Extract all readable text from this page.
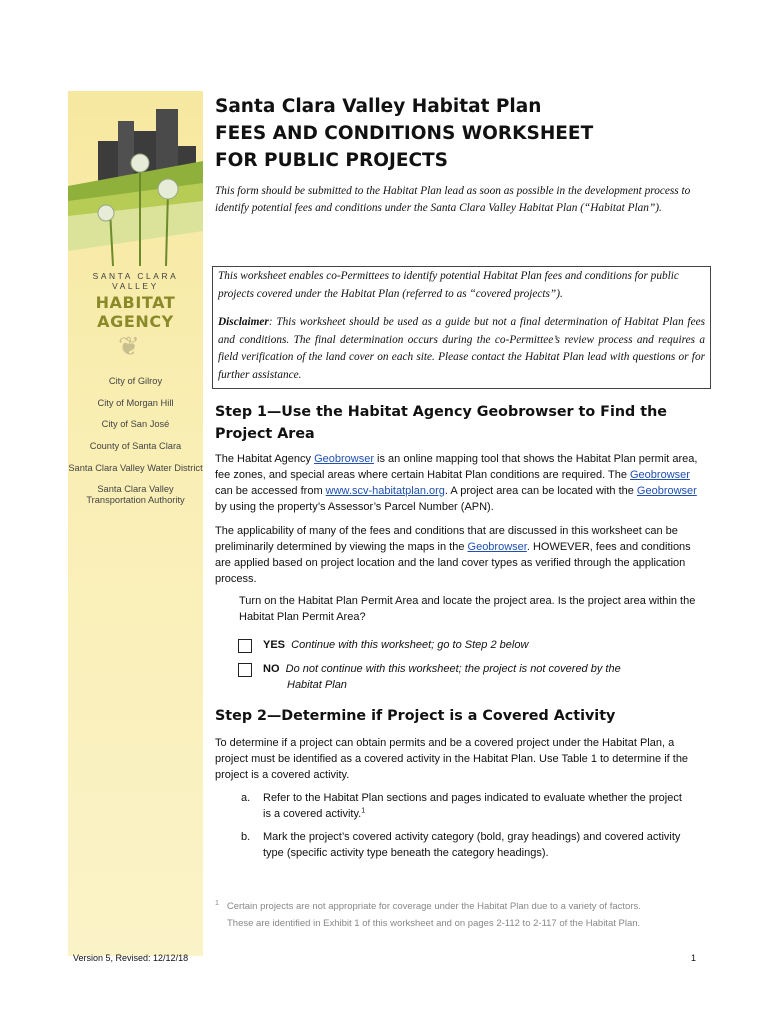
SANTA CLARA VALLEY
HABITAT AGENCY
❦
City of Gilroy
City of Morgan Hill
City of San José
County of Santa Clara
Santa Clara Valley Water District
Santa Clara Valley Transportation Authority
Santa Clara Valley Habitat Plan
FEES AND CONDITIONS WORKSHEET
FOR PUBLIC PROJECTS
This form should be submitted to the Habitat Plan lead as soon as possible in the development process to identify potential fees and conditions under the Santa Clara Valley Habitat Plan (“Habitat Plan”).
This worksheet enables co-Permittees to identify potential Habitat Plan fees and conditions for public projects covered under the Habitat Plan (referred to as “covered projects”).
Disclaimer: This worksheet should be used as a guide but not a final determination of Habitat Plan fees and conditions. The final determination occurs during the co-Permittee’s review process and requires a field verification of the land cover on each site. Please contact the Habitat Plan lead with questions or for further assistance.
Step 1—Use the Habitat Agency Geobrowser to Find the Project Area
The Habitat Agency Geobrowser is an online mapping tool that shows the Habitat Plan permit area, fee zones, and special areas where certain Habitat Plan conditions are required. The Geobrowser can be accessed from www.scv-habitatplan.org. A project area can be located with the Geobrowser by using the property’s Assessor’s Parcel Number (APN).
The applicability of many of the fees and conditions that are discussed in this worksheet can be preliminarily determined by viewing the maps in the Geobrowser. HOWEVER, fees and conditions are applied based on project location and the land cover types as verified through the application process.
Turn on the Habitat Plan Permit Area and locate the project area. Is the project area within the Habitat Plan Permit Area?
YES Continue with this worksheet; go to Step 2 below
NO Do not continue with this worksheet; the project is not covered by the
Habitat Plan
Step 2—Determine if Project is a Covered Activity
To determine if a project can obtain permits and be a covered project under the Habitat Plan, a project must be identified as a covered activity in the Habitat Plan. Use Table 1 to determine if the project is a covered activity.
a. Refer to the Habitat Plan sections and pages indicated to evaluate whether the project is a covered activity.$^1$
b. Mark the project’s covered activity category (bold, gray headings) and covered activity type (specific activity type beneath the category headings).
$^1$ Certain projects are not appropriate for coverage under the Habitat Plan due to a variety of factors.
These are identified in Exhibit 1 of this worksheet and on pages 2-112 to 2-117 of the Habitat Plan.
Version 5, Revised: 12/12/18	1
